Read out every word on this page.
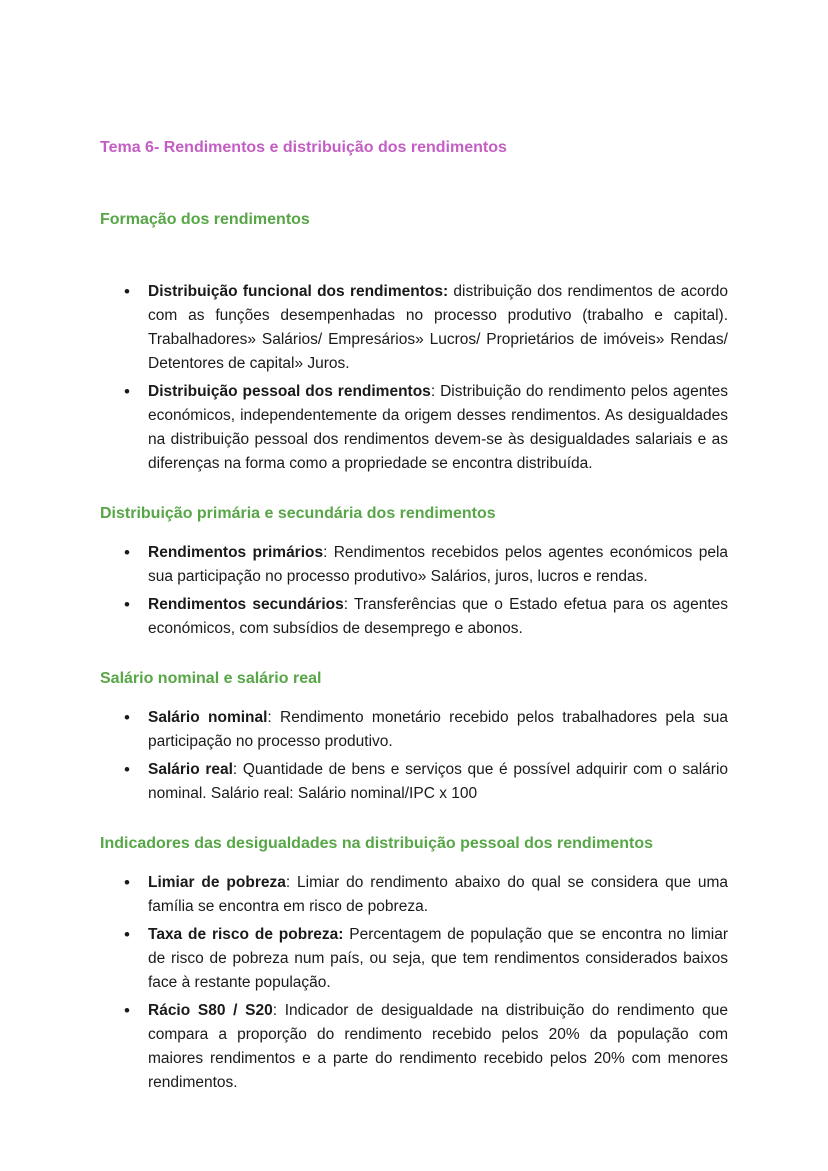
Tema 6- Rendimentos e distribuição dos rendimentos
Formação dos rendimentos
• Distribuição funcional dos rendimentos: distribuição dos rendimentos de acordo com as funções desempenhadas no processo produtivo (trabalho e capital). Trabalhadores» Salários/ Empresários» Lucros/ Proprietários de imóveis» Rendas/ Detentores de capital» Juros.
• Distribuição pessoal dos rendimentos: Distribuição do rendimento pelos agentes económicos, independentemente da origem desses rendimentos. As desigualdades na distribuição pessoal dos rendimentos devem-se às desigualdades salariais e as diferenças na forma como a propriedade se encontra distribuída.
Distribuição primária e secundária dos rendimentos
• Rendimentos primários: Rendimentos recebidos pelos agentes económicos pela sua participação no processo produtivo» Salários, juros, lucros e rendas.
• Rendimentos secundários: Transferências que o Estado efetua para os agentes económicos, com subsídios de desemprego e abonos.
Salário nominal e salário real
• Salário nominal: Rendimento monetário recebido pelos trabalhadores pela sua participação no processo produtivo.
• Salário real: Quantidade de bens e serviços que é possível adquirir com o salário nominal. Salário real: Salário nominal/IPC x 100
Indicadores das desigualdades na distribuição pessoal dos rendimentos
• Limiar de pobreza: Limiar do rendimento abaixo do qual se considera que uma família se encontra em risco de pobreza.
• Taxa de risco de pobreza: Percentagem de população que se encontra no limiar de risco de pobreza num país, ou seja, que tem rendimentos considerados baixos face à restante população.
• Rácio S80 / S20: Indicador de desigualdade na distribuição do rendimento que compara a proporção do rendimento recebido pelos 20% da população com maiores rendimentos e a parte do rendimento recebido pelos 20% com menores rendimentos.
